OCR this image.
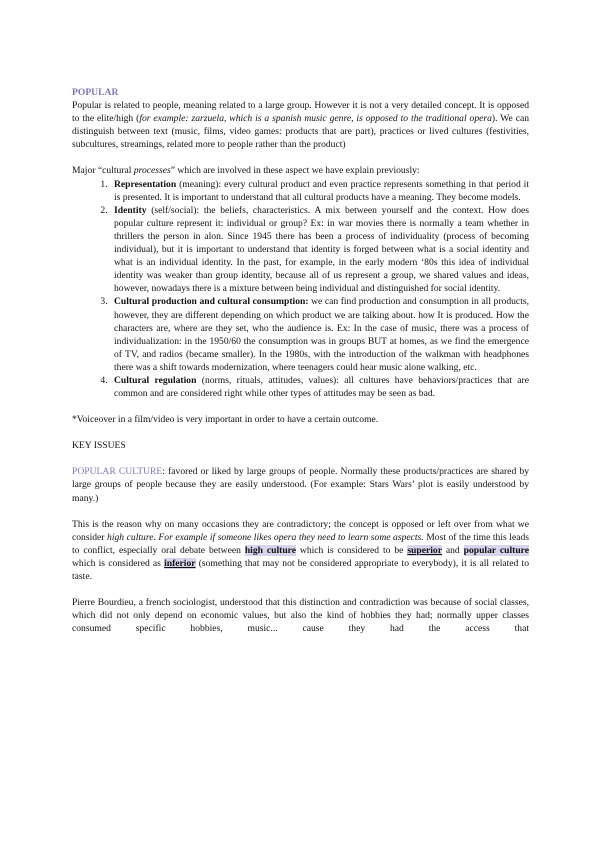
POPULAR

Popular is related to people, meaning related to a large group. However it is not a very detailed concept. It is opposed to the elite/high (for example: zarzuela, which is a spanish music genre, is opposed to the traditional opera). We can distinguish between text (music, films, video games: products that are part), practices or lived cultures (festivities, subcultures, streamings, related more to people rather than the product)

Major “cultural processes” which are involved in these aspect we have explain previously:

1. Representation (meaning): every cultural product and even practice represents something in that period it is presented. It is important to understand that all cultural products have a meaning. They become models.
2. Identity (self/social): the beliefs, characteristics. A mix between yourself and the context. How does popular culture represent it: individual or group? Ex: in war movies there is normally a team whether in thrillers the person in alon. Since 1945 there has been a process of individuality (process of becoming individual), but it is important to understand that identity is forged between what is a social identity and what is an individual identity. In the past, for example, in the early modern ‘80s this idea of individual identity was weaker than group identity, because all of us represent a group, we shared values and ideas, however, nowadays there is a mixture between being individual and distinguished for social identity.
3. Cultural production and cultural consumption: we can find production and consumption in all products, however, they are different depending on which product we are talking about. how It is produced. How the characters are, where are they set, who the audience is. Ex: In the case of music, there was a process of individualization: in the 1950/60 the consumption was in groups BUT at homes, as we find the emergence of TV, and radios (became smaller). In the 1980s, with the introduction of the walkman with headphones there was a shift towards modernization, where teenagers could hear music alone walking, etc.
4. Cultural regulation (norms, rituals, attitudes, values): all cultures have behaviors/practices that are common and are considered right while other types of attitudes may be seen as bad.

*Voiceover in a film/video is very important in order to have a certain outcome.

KEY ISSUES

POPULAR CULTURE: favored or liked by large groups of people. Normally these products/practices are shared by large groups of people because they are easily understood. (For example: Stars Wars’ plot is easily understood by many.)

This is the reason why on many occasions they are contradictory; the concept is opposed or left over from what we consider high culture. For example if someone likes opera they need to learn some aspects. Most of the time this leads to conflict, especially oral debate between high culture which is considered to be superior and popular culture which is considered as inferior (something that may not be considered appropriate to everybody), it is all related to taste.

Pierre Bourdieu, a french sociologist, understood that this distinction and contradiction was because of social classes, which did not only depend on economic values, but also the kind of hobbies they had; normally upper classes consumed specific hobbies, music... cause they had the access that
